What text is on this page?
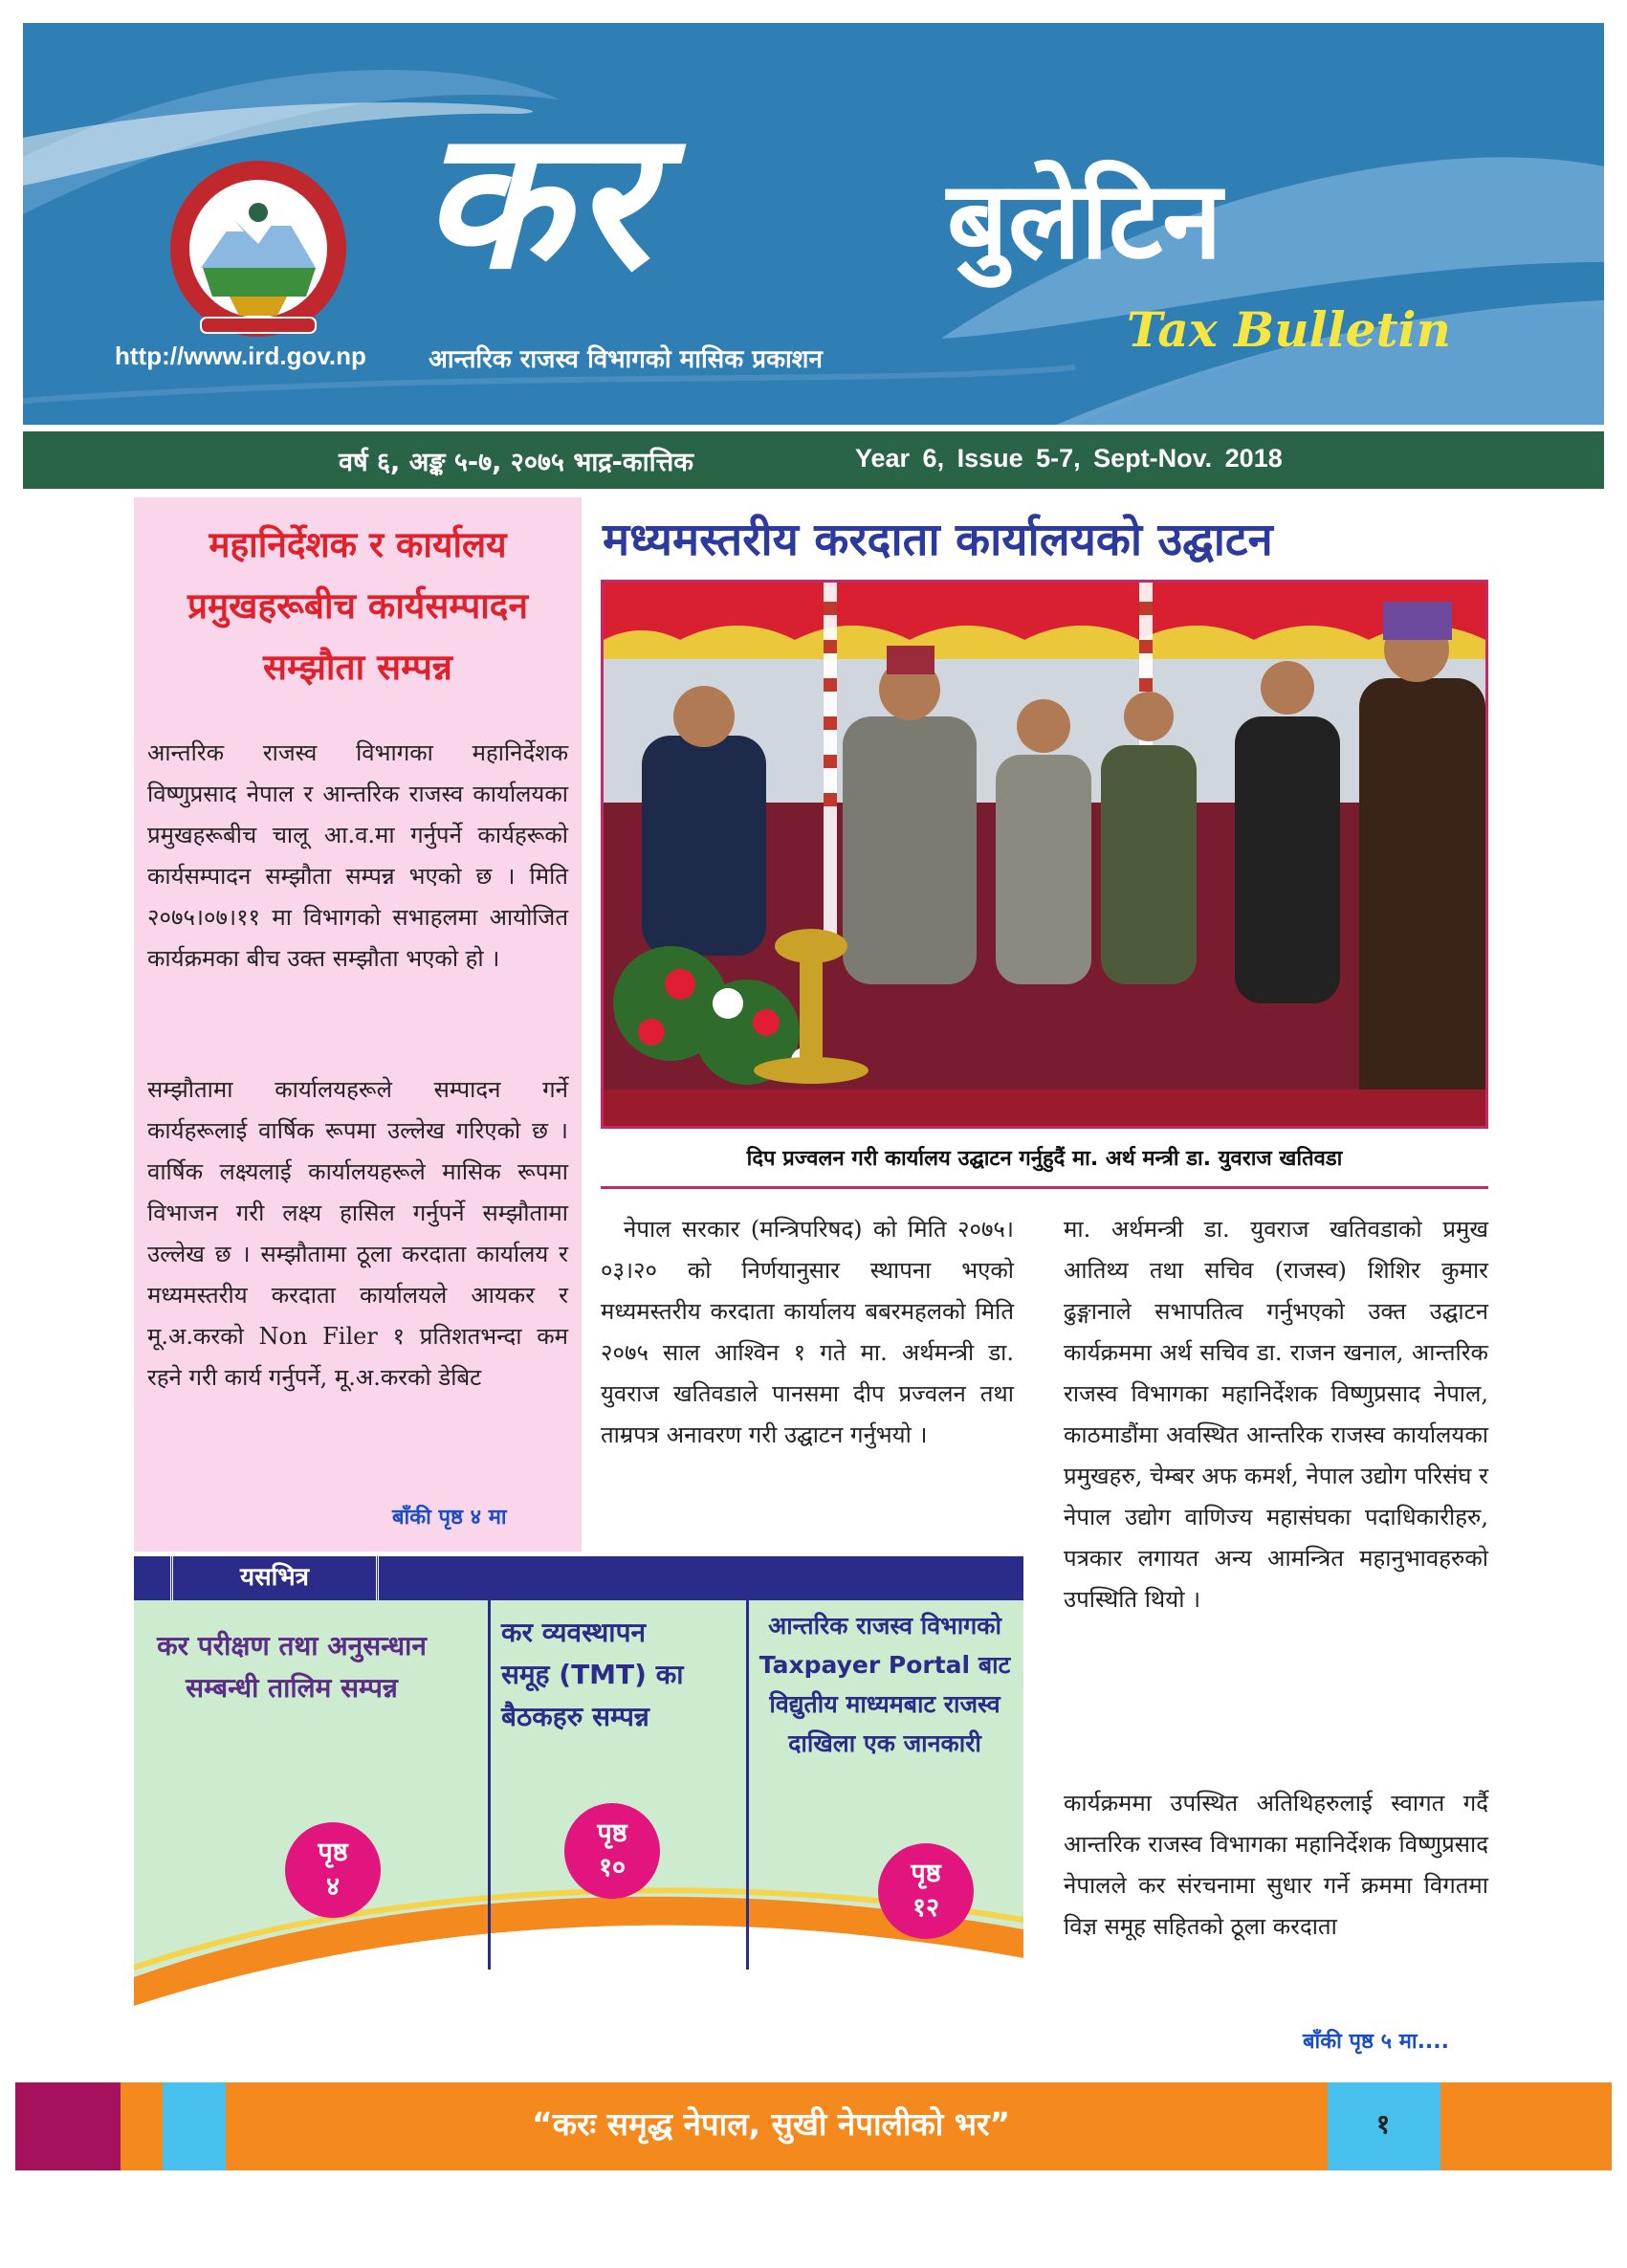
कर	बुलेटिन
Tax Bulletin
http://www.ird.gov.np	आन्तरिक राजस्व विभागको मासिक प्रकाशन
वर्ष ६, अङ्क ५-७, २०७५ भाद्र-कात्तिक	Year 6, Issue 5-7, Sept-Nov. 2018
महानिर्देशक र कार्यालय
प्रमुखहरूबीच कार्यसम्पादन
सम्झौता सम्पन्न
आन्तरिक राजस्व विभागका महानिर्देशक विष्णुप्रसाद नेपाल र आन्तरिक राजस्व कार्यालयका प्रमुखहरूबीच चालू आ.व.मा गर्नुपर्ने कार्यहरूको कार्यसम्पादन सम्झौता सम्पन्न भएको छ । मिति २०७५।०७।११ मा विभागको सभाहलमा आयोजित कार्यक्रमका बीच उक्त सम्झौता भएको हो ।
सम्झौतामा कार्यालयहरूले सम्पादन गर्ने कार्यहरूलाई वार्षिक रूपमा उल्लेख गरिएको छ । वार्षिक लक्ष्यलाई कार्यालयहरूले मासिक रूपमा विभाजन गरी लक्ष्य हासिल गर्नुपर्ने सम्झौतामा उल्लेख छ । सम्झौतामा ठूला करदाता कार्यालय र मध्यमस्तरीय करदाता कार्यालयले आयकर र मू.अ.करको Non Filer १ प्रतिशतभन्दा कम रहने गरी कार्य गर्नुपर्ने, मू.अ.करको डेबिट
बाँकी पृष्ठ ४ मा
मध्यमस्तरीय करदाता कार्यालयको उद्घाटन
दिप प्रज्वलन गरी कार्यालय उद्घाटन गर्नुहुदैं मा. अर्थ मन्त्री डा. युवराज खतिवडा
नेपाल सरकार (मन्त्रिपरिषद) को मिति २०७५।०३।२० को निर्णयानुसार स्थापना भएको मध्यमस्तरीय करदाता कार्यालय बबरमहलको मिति २०७५ साल आश्विन १ गते मा. अर्थमन्त्री डा. युवराज खतिवडाले पानसमा दीप प्रज्वलन तथा ताम्रपत्र अनावरण गरी उद्घाटन गर्नुभयो ।
मा. अर्थमन्त्री डा. युवराज खतिवडाको प्रमुख आतिथ्य तथा सचिव (राजस्व) शिशिर कुमार ढुङ्गानाले सभापतित्व गर्नुभएको उक्त उद्घाटन कार्यक्रममा अर्थ सचिव डा. राजन खनाल, आन्तरिक राजस्व विभागका महानिर्देशक विष्णुप्रसाद नेपाल, काठमाडौंमा अवस्थित आन्तरिक राजस्व कार्यालयका प्रमुखहरु, चेम्बर अफ कमर्श, नेपाल उद्योग परिसंघ र नेपाल उद्योग वाणिज्य महासंघका पदाधिकारीहरु, पत्रकार लगायत अन्य आमन्त्रित महानुभावहरुको उपस्थिति थियो ।
कार्यक्रममा उपस्थित अतिथिहरुलाई स्वागत गर्दै आन्तरिक राजस्व विभागका महानिर्देशक विष्णुप्रसाद नेपालले कर संरचनामा सुधार गर्ने क्रममा विगतमा विज्ञ समूह सहितको ठूला करदाता
बाँकी पृष्ठ ५ मा....
यसभित्र
कर परीक्षण तथा अनुसन्धान सम्बन्धी तालिम सम्पन्न
कर व्यवस्थापन समूह (TMT) का बैठकहरु सम्पन्न
आन्तरिक राजस्व विभागको Taxpayer Portal बाट विद्युतीय माध्यमबाट राजस्व दाखिला एक जानकारी
पृष्ठ
४
पृष्ठ
१०	पृष्ठ
१२
“करः समृद्ध नेपाल, सुखी नेपालीको भर”	१
